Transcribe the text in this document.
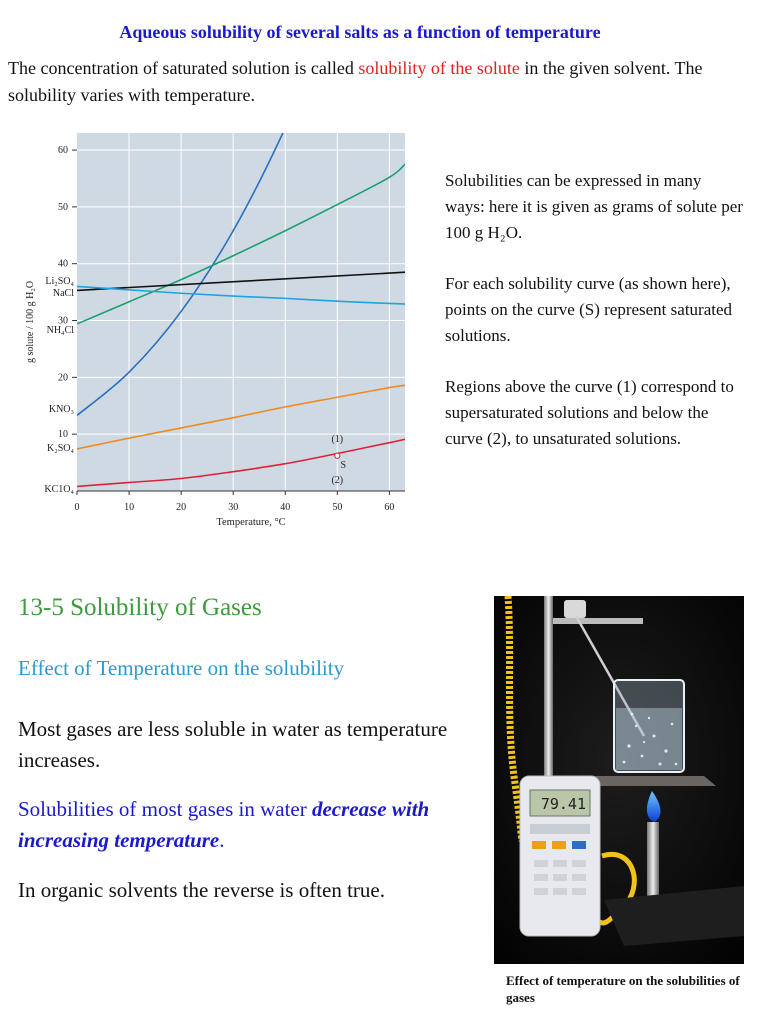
Aqueous solubility of several salts as a function of temperature
The concentration of saturated solution is called solubility of the solute in the given solvent. The solubility varies with temperature.
0	10	20	30	40	50	60
10
20
30
40
50
60
g solute / 100 g H₂O
Temperature, °C
Li₂SO₄
NaCl
NH₄Cl
KNO₃
K₂SO₄
KC1O₄
S
(1)
(2)

Solubilities can be expressed in many ways: here it is given as grams of solute per 100 g H₂O.

For each solubility curve (as shown here), points on the curve (S) represent saturated solutions.

Regions above the curve (1) correspond to supersaturated solutions and below the curve (2), to unsaturated solutions.

13-5 Solubility of Gases
Effect of Temperature on the solubility
Most gases are less soluble in water as temperature increases.
Solubilities of most gases in water decrease with increasing temperature.
In organic solvents the reverse is often true.
79.41
Effect of temperature on the solubilities of gases
